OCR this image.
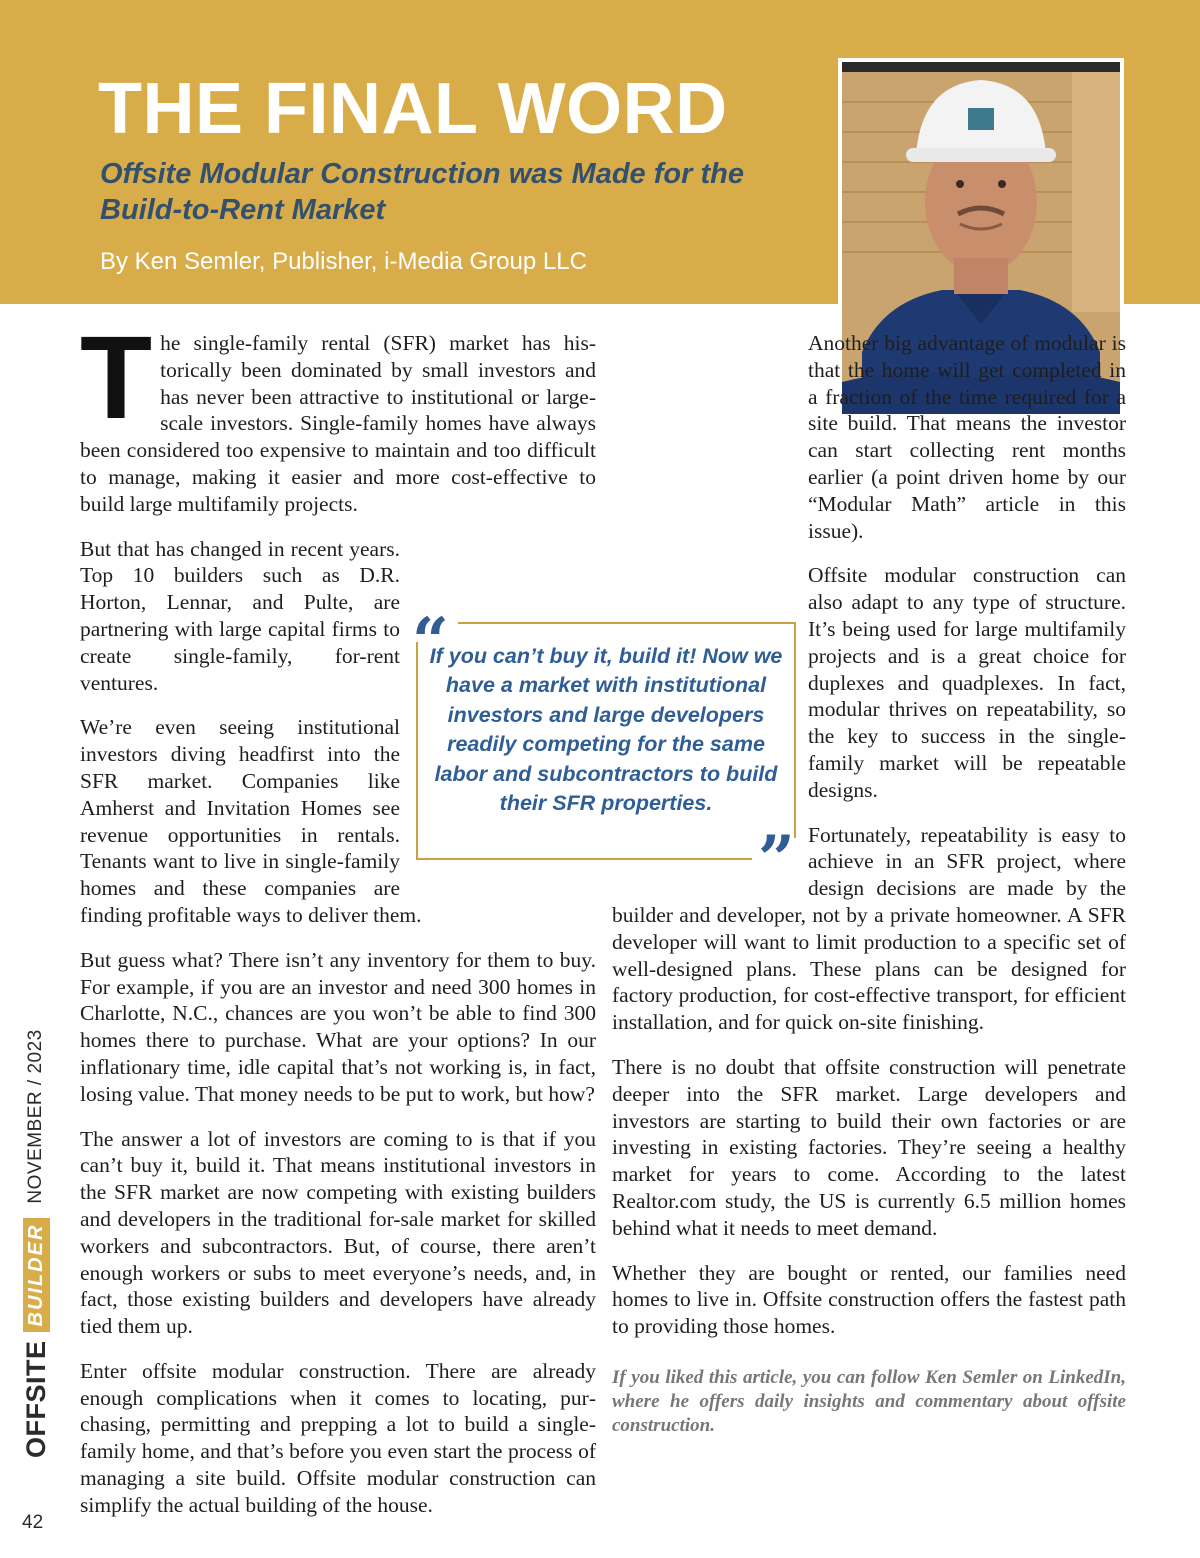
THE FINAL WORD
Offsite Modular Construction was Made for the Build-to-Rent Market

By Ken Semler, Publisher, i-Media Group LLC

The single-family rental (SFR) market has historically been dominated by small investors and has never been attractive to institutional or large-scale investors. Single-family homes have always been considered too expensive to maintain and too difficult to manage, making it easier and more cost-effective to build large multifamily projects.

But that has changed in recent years. Top 10 builders such as D.R. Horton, Lennar, and Pulte, are partnering with large capital firms to create single-family, for-rent ventures.

We’re even seeing institutional investors diving headfirst into the SFR market. Companies like Amherst and Invitation Homes see revenue opportunities in rentals. Tenants want to live in single-family homes and these companies are finding profitable ways to deliver them.

But guess what? There isn’t any inventory for them to buy. For example, if you are an investor and need 300 homes in Charlotte, N.C., chances are you won’t be able to find 300 homes there to purchase. What are your options? In our inflationary time, idle capital that’s not working is, in fact, losing value. That money needs to be put to work, but how?

The answer a lot of investors are coming to is that if you can’t buy it, build it. That means institutional investors in the SFR market are now competing with existing builders and developers in the traditional for-sale market for skilled workers and subcontractors. But, of course, there aren’t enough workers or subs to meet everyone’s needs, and, in fact, those existing builders and developers have already tied them up.

Enter offsite modular construction. There are already enough complications when it comes to locating, purchasing, permitting and prepping a lot to build a single-family home, and that’s before you even start the process of managing a site build. Offsite modular construction can simplify the actual building of the house.

Another big advantage of modular is that the home will get completed in a fraction of the time required for a site build. That means the investor can start collecting rent months earlier (a point driven home by our “Modular Math” article in this issue).

Offsite modular construction can also adapt to any type of structure. It’s being used for large multifamily projects and is a great choice for duplexes and quadplexes. In fact, modular thrives on repeatability, so the key to success in the single-family market will be repeatable designs.

Fortunately, repeatability is easy to achieve in an SFR project, where design decisions are made by the builder and developer, not by a private homeowner. A SFR developer will want to limit production to a specific set of well-designed plans. These plans can be designed for factory production, for cost-effective transport, for efficient installation, and for quick on-site finishing.

There is no doubt that offsite construction will penetrate deeper into the SFR market. Large developers and investors are starting to build their own factories or are investing in existing factories. They’re seeing a healthy market for years to come. According to the latest Realtor.com study, the US is currently 6.5 million homes behind what it needs to meet demand.

Whether they are bought or rented, our families need homes to live in. Offsite construction offers the fastest path to providing those homes.

If you liked this article, you can follow Ken Semler on LinkedIn, where he offers daily insights and commentary about offsite construction.

“
If you can’t buy it, build it! Now we have a market with institutional investors and large developers readily competing for the same labor and subcontractors to build their SFR properties.
”
OFFSITE
BUILDER
NOVEMBER / 2023
42
